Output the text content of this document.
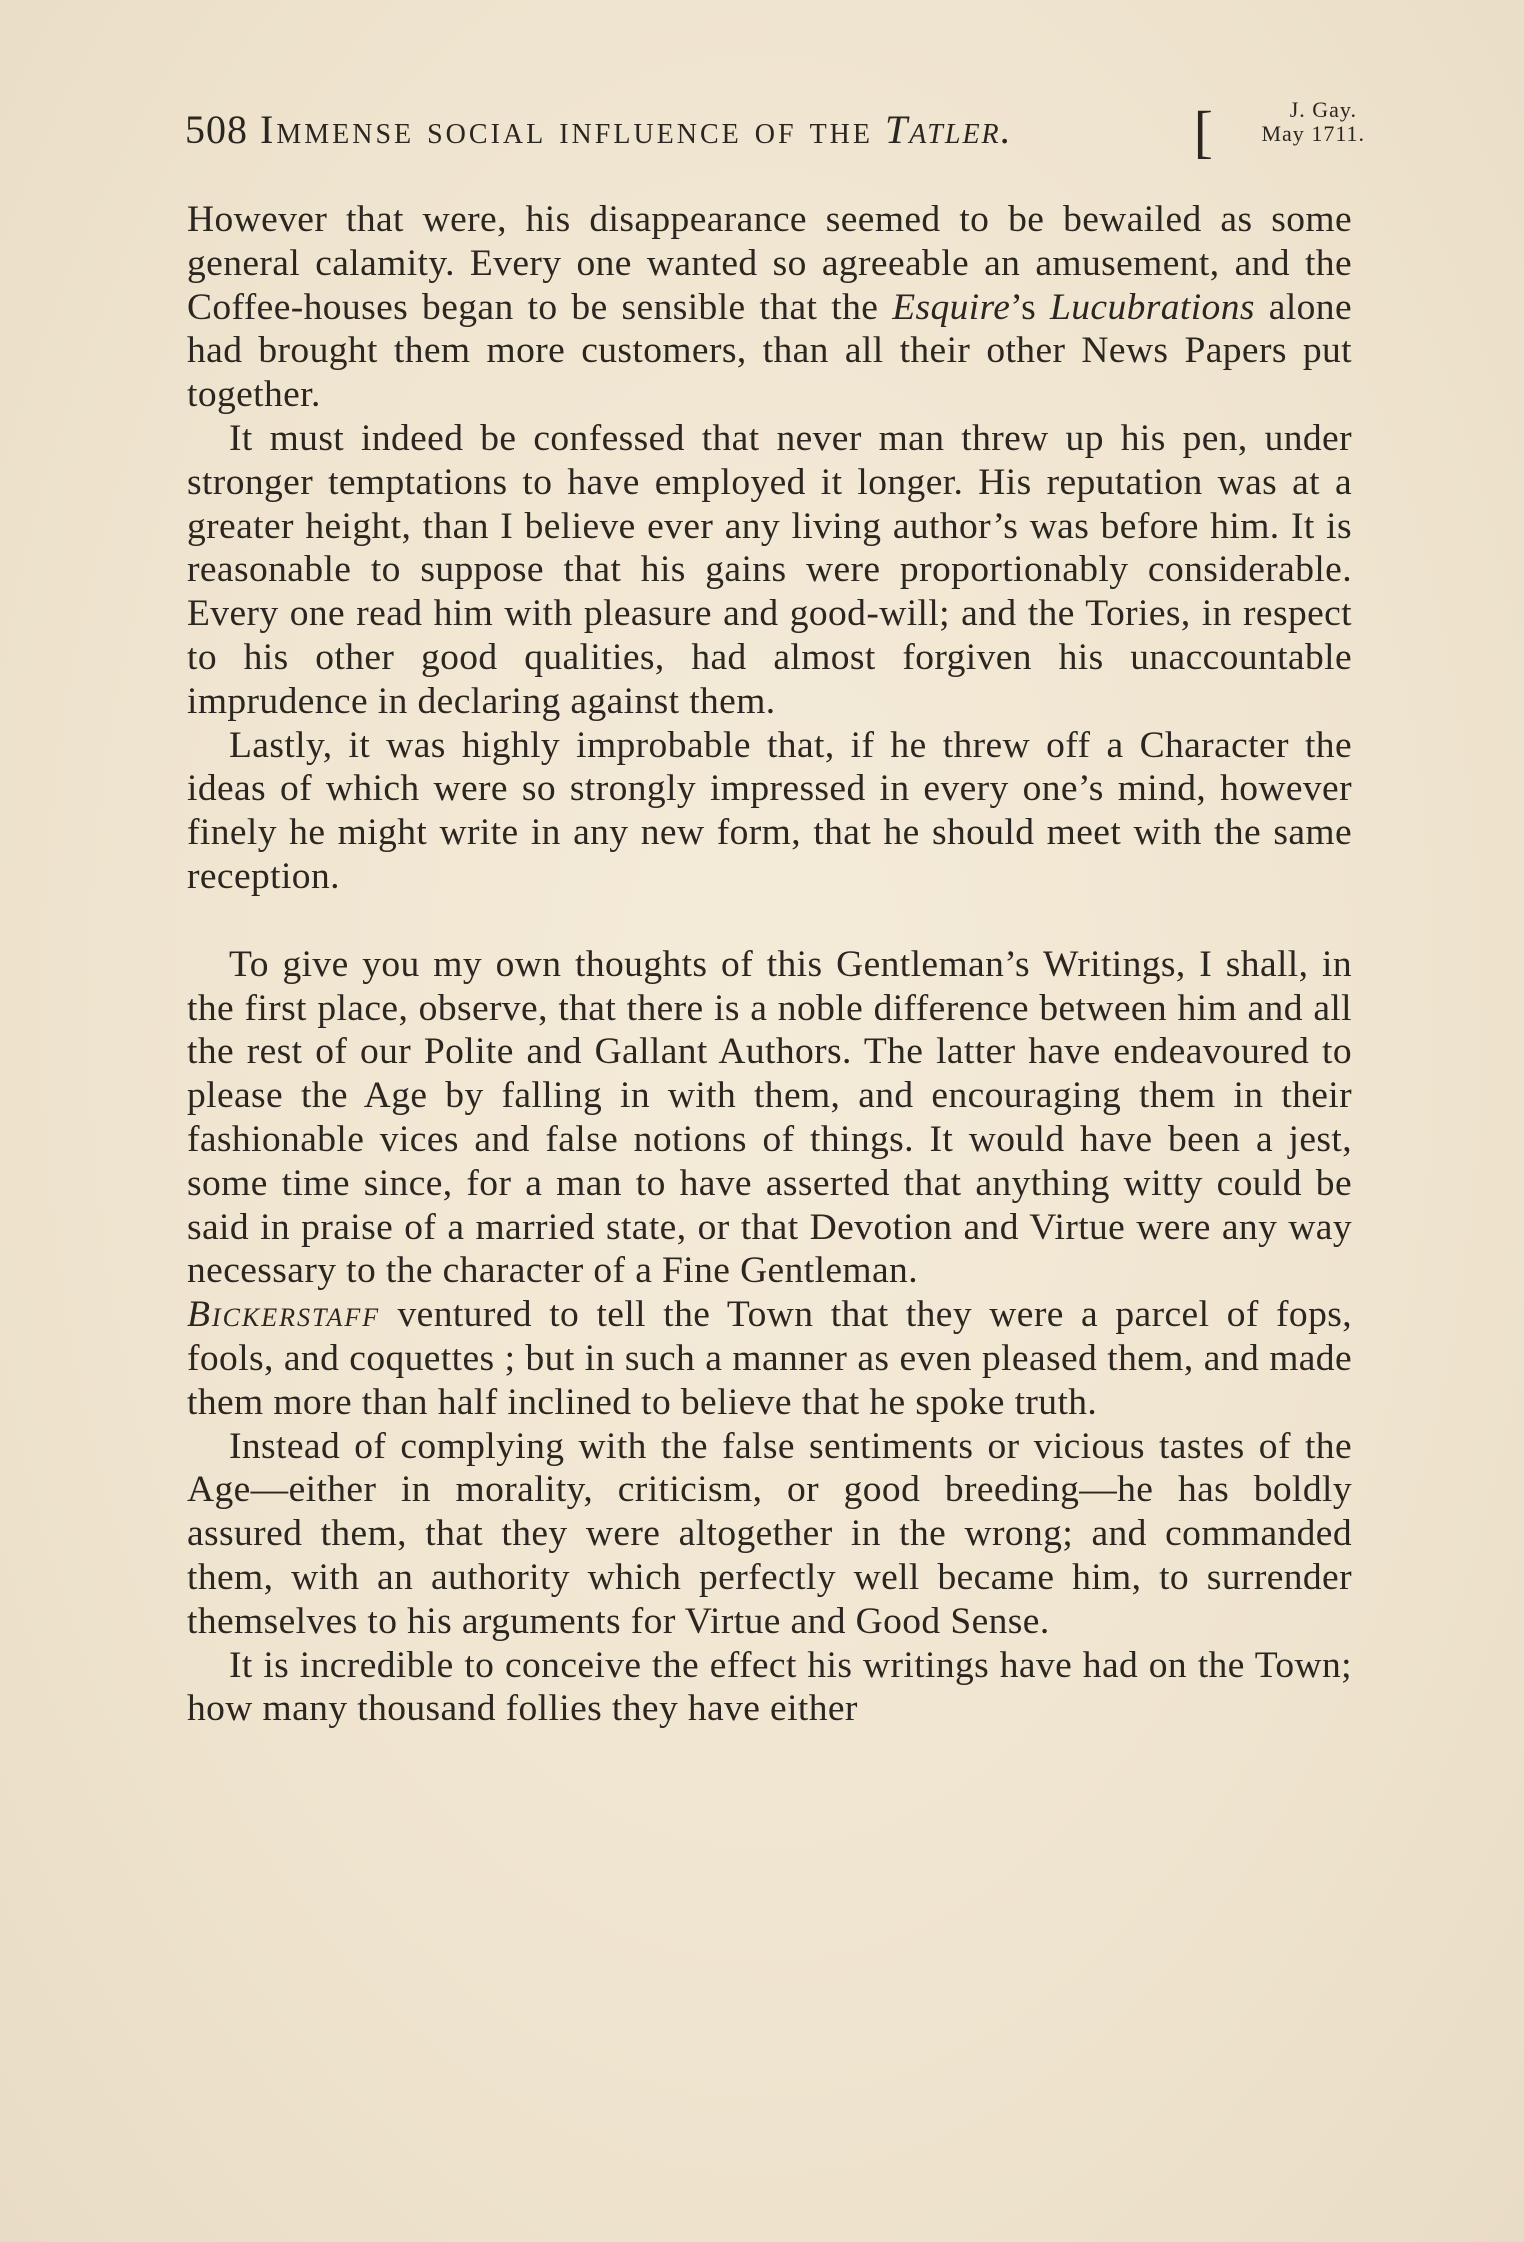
508 Immense social influence of the Tatler.	[	J. Gay.
May 1711.

However that were, his disappearance seemed to be bewailed as some general calamity. Every one wanted so agreeable an amusement, and the Coffee-houses began to be sensible that the Esquire’s Lucubrations alone had brought them more customers, than all their other News Papers put together.

It must indeed be confessed that never man threw up his pen, under stronger temptations to have employed it longer. His reputation was at a greater height, than I believe ever any living author’s was before him. It is reasonable to suppose that his gains were proportionably considerable. Every one read him with pleasure and good-will; and the Tories, in respect to his other good qualities, had almost forgiven his unaccountable imprudence in declaring against them.

Lastly, it was highly improbable that, if he threw off a Character the ideas of which were so strongly impressed in every one’s mind, however finely he might write in any new form, that he should meet with the same reception.

To give you my own thoughts of this Gentleman’s Writings, I shall, in the first place, observe, that there is a noble difference between him and all the rest of our Polite and Gallant Authors. The latter have endeavoured to please the Age by falling in with them, and encouraging them in their fashionable vices and false notions of things. It would have been a jest, some time since, for a man to have asserted that anything witty could be said in praise of a married state, or that Devotion and Virtue were any way necessary to the character of a Fine Gentleman.

Bickerstaff ventured to tell the Town that they were a parcel of fops, fools, and coquettes ; but in such a manner as even pleased them, and made them more than half inclined to believe that he spoke truth.

Instead of complying with the false sentiments or vicious tastes of the Age—either in morality, criticism, or good breeding—he has boldly assured them, that they were altogether in the wrong; and commanded them, with an authority which perfectly well became him, to surrender themselves to his arguments for Virtue and Good Sense.

It is incredible to conceive the effect his writings have had on the Town; how many thousand follies they have either
